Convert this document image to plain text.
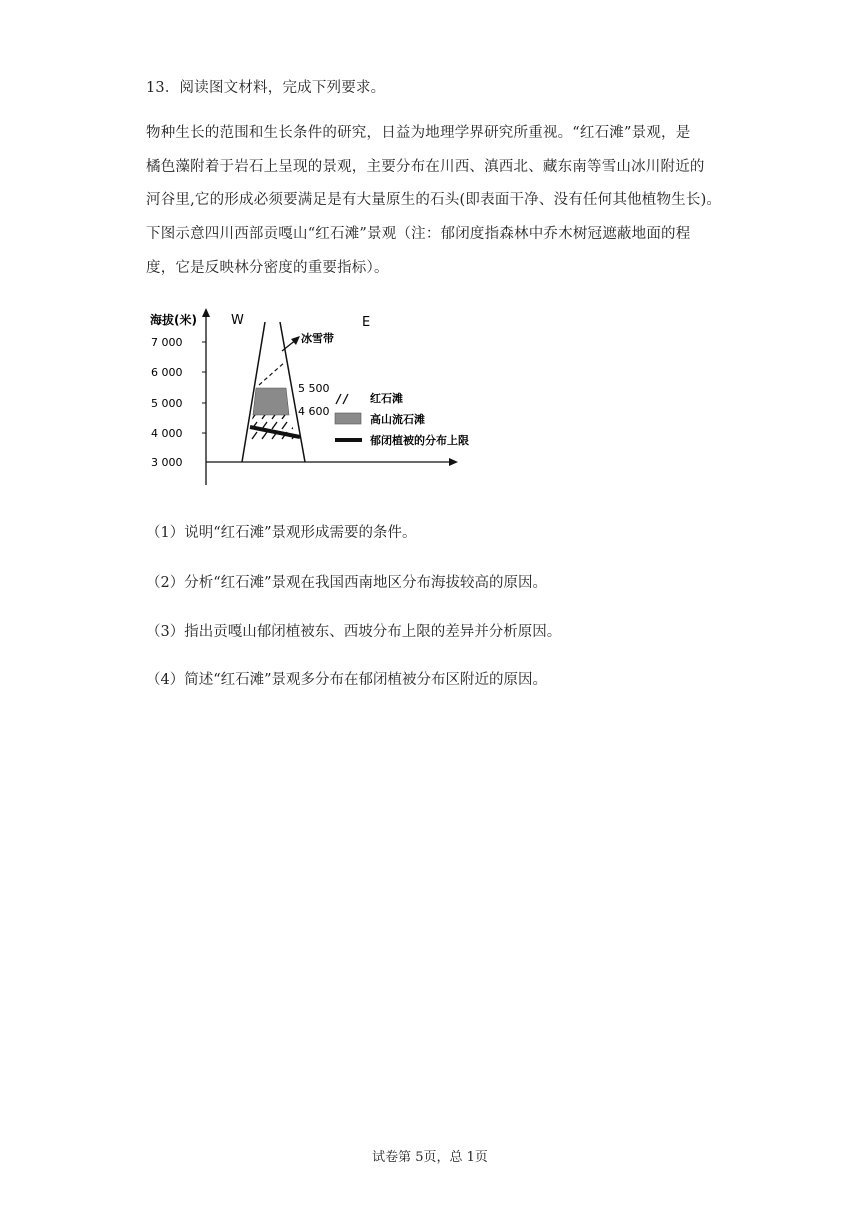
13．阅读图文材料，完成下列要求。
物种生长的范围和生长条件的研究，日益为地理学界研究所重视。“红石滩”景观，是
橘色藻附着于岩石上呈现的景观，主要分布在川西、滇西北、藏东南等雪山冰川附近的
河谷里,它的形成必须要满足是有大量原生的石头(即表面干净、没有任何其他植物生长)。
下图示意四川西部贡嘎山“红石滩”景观（注：郁闭度指森林中乔木树冠遮蔽地面的程
度，它是反映林分密度的重要指标）。
海拔(米)	W	E
7 000
6 000
5 000
4 000
3 000
冰雪带
5 500
4 600
红石滩
高山流石滩
郁闭植被的分布上限
（1）说明“红石滩”景观形成需要的条件。
（2）分析“红石滩”景观在我国西南地区分布海拔较高的原因。
（3）指出贡嘎山郁闭植被东、西坡分布上限的差异并分析原因。
（4）简述“红石滩”景观多分布在郁闭植被分布区附近的原因。
试卷第 5页，总 1页
